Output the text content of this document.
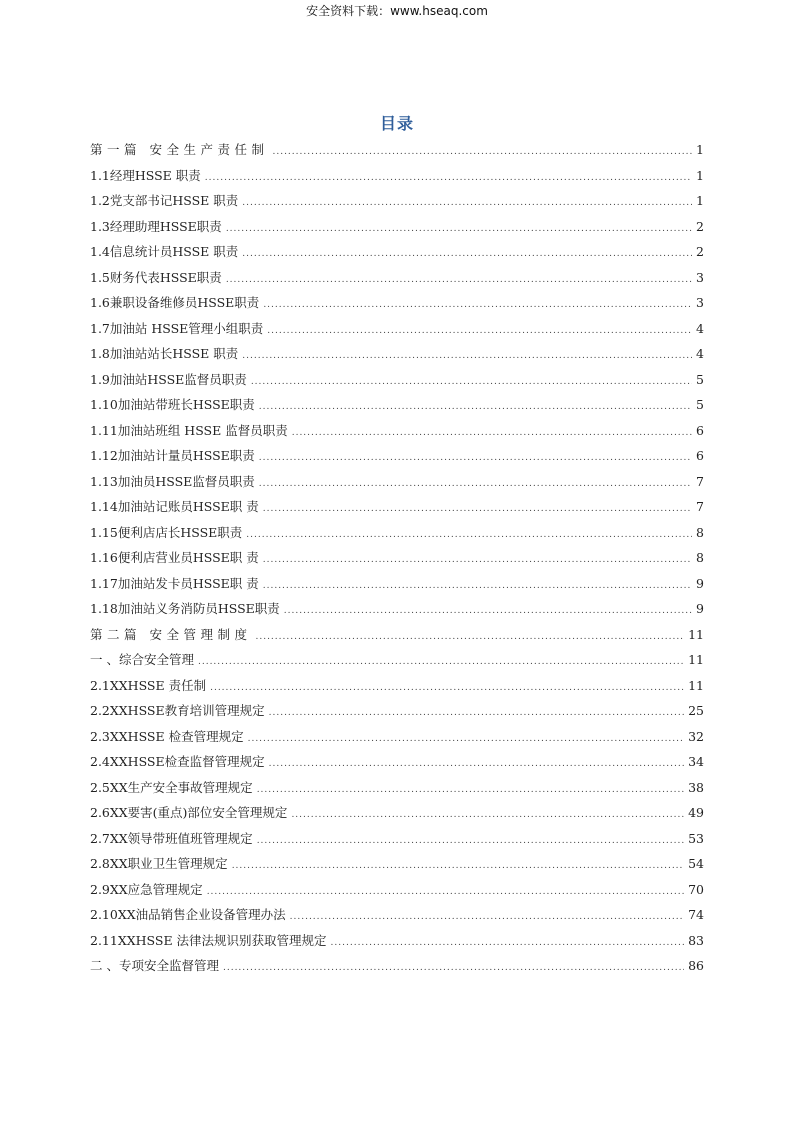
安全资料下载：www.hseaq.com
目录
第一篇 安全生产责任制 .....	1
1.1经理HSSE 职责 .....	1
1.2党支部书记HSSE 职责 .....	1
1.3经理助理HSSE职责 .....	2
1.4信息统计员HSSE 职责 .....	2
1.5财务代表HSSE职责 .....	3
1.6兼职设备维修员HSSE职责 .....	3
1.7加油站 HSSE管理小组职责 .....	4
1.8加油站站长HSSE 职责 .....	4
1.9加油站HSSE监督员职责 .....	5
1.10加油站带班长HSSE职责 .....	5
1.11加油站班组 HSSE 监督员职责 .....	6
1.12加油站计量员HSSE职责 .....	6
1.13加油员HSSE监督员职责 .....	7
1.14加油站记账员HSSE职 责 .....	7
1.15便利店店长HSSE职责 .....	8
1.16便利店营业员HSSE职 责 .....	8
1.17加油站发卡员HSSE职 责 .....	9
1.18加油站义务消防员HSSE职责 .....	9
第二篇 安全管理制度 .....	11
一 、综合安全管理 .....	11
2.1XXHSSE 责任制 .....	11
2.2XXHSSE教育培训管理规定 .....	25
2.3XXHSSE 检查管理规定 .....	32
2.4XXHSSE检查监督管理规定 .....	34
2.5XX生产安全事故管理规定 .....	38
2.6XX要害(重点)部位安全管理规定 .....	49
2.7XX领导带班值班管理规定 .....	53
2.8XX职业卫生管理规定 .....	54
2.9XX应急管理规定 .....	70
2.10XX油品销售企业设备管理办法 .....	74
2.11XXHSSE 法律法规识别获取管理规定 .....	83
二 、专项安全监督管理 .....	86
